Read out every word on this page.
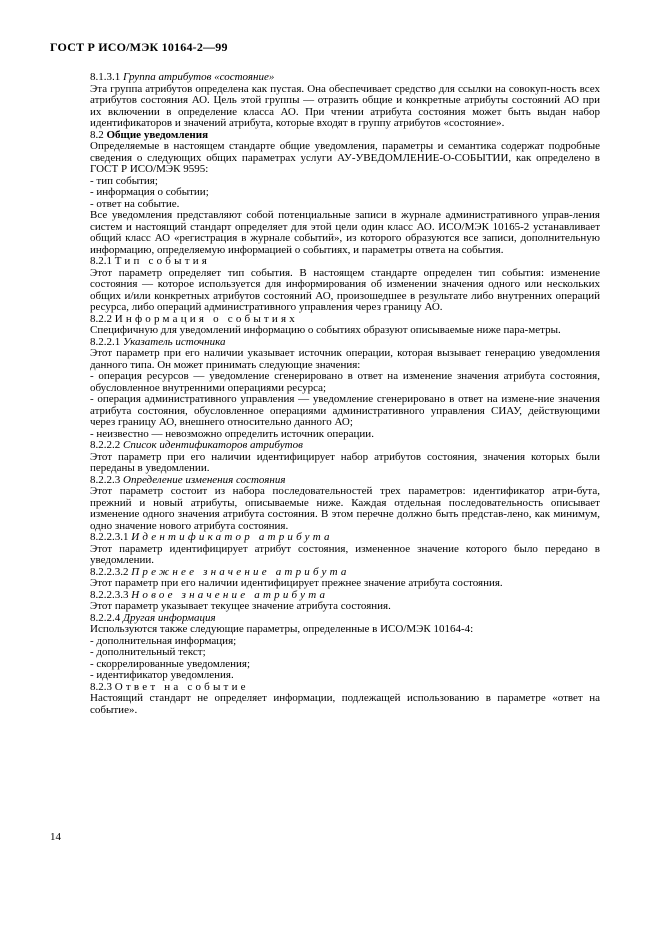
ГОСТ Р ИСО/МЭК 10164-2—99

8.1.3.1 Группа атрибутов «состояние»

Эта группа атрибутов определена как пустая. Она обеспечивает средство для ссылки на совокуп-ность всех атрибутов состояния АО. Цель этой группы — отразить общие и конкретные атрибуты состояний АО при их включении в определение класса АО. При чтении атрибута состояния может быть выдан набор идентификаторов и значений атрибута, которые входят в группу атрибутов «состояние».

8.2 Общие уведомления

Определяемые в настоящем стандарте общие уведомления, параметры и семантика содержат подробные сведения о следующих общих параметрах услуги АУ-УВЕДОМЛЕНИЕ-О-СОБЫТИИ, как определено в ГОСТ Р ИСО/МЭК 9595:

- тип события;

- информация о событии;

- ответ на событие.

Все уведомления представляют собой потенциальные записи в журнале административного управ-ления систем и настоящий стандарт определяет для этой цели один класс АО. ИСО/МЭК 10165-2 устанавливает общий класс АО «регистрация в журнале событий», из которого образуются все записи, дополнительную информацию, определяемую информацией о событиях, и параметры ответа на события.

8.2.1 Тип события

Этот параметр определяет тип события. В настоящем стандарте определен тип события: изменение состояния — которое используется для информирования об изменении значения одного или нескольких общих и/или конкретных атрибутов состояний АО, произошедшее в результате либо внутренних операций ресурса, либо операций административного управления через границу АО.

8.2.2 Информация о событиях

Специфичную для уведомлений информацию о событиях образуют описываемые ниже пара-метры.

8.2.2.1 Указатель источника

Этот параметр при его наличии указывает источник операции, которая вызывает генерацию уведомления данного типа. Он может принимать следующие значения:

- операция ресурсов — уведомление сгенерировано в ответ на изменение значения атрибута состояния, обусловленное внутренними операциями ресурса;

- операция административного управления — уведомление сгенерировано в ответ на измене-ние значения атрибута состояния, обусловленное операциями административного управления СИАУ, действующими через границу АО, внешнего относительно данного АО;

- неизвестно — невозможно определить источник операции.

8.2.2.2 Список идентификаторов атрибутов

Этот параметр при его наличии идентифицирует набор атрибутов состояния, значения которых были переданы в уведомлении.

8.2.2.3 Определение изменения состояния

Этот параметр состоит из набора последовательностей трех параметров: идентификатор атри-бута, прежний и новый атрибуты, описываемые ниже. Каждая отдельная последовательность описывает изменение одного значения атрибута состояния. В этом перечне должно быть представ-лено, как минимум, одно значение нового атрибута состояния.

8.2.2.3.1 Идентификатор атрибута

Этот параметр идентифицирует атрибут состояния, измененное значение которого было передано в уведомлении.

8.2.2.3.2 Прежнее значение атрибута

Этот параметр при его наличии идентифицирует прежнее значение атрибута состояния.

8.2.2.3.3 Новое значение атрибута

Этот параметр указывает текущее значение атрибута состояния.

8.2.2.4 Другая информация

Используются также следующие параметры, определенные в ИСО/МЭК 10164-4:

- дополнительная информация;

- дополнительный текст;

- скоррелированные уведомления;

- идентификатор уведомления.

8.2.3 Ответ на событие

Настоящий стандарт не определяет информации, подлежащей использованию в параметре «ответ на событие».

14
